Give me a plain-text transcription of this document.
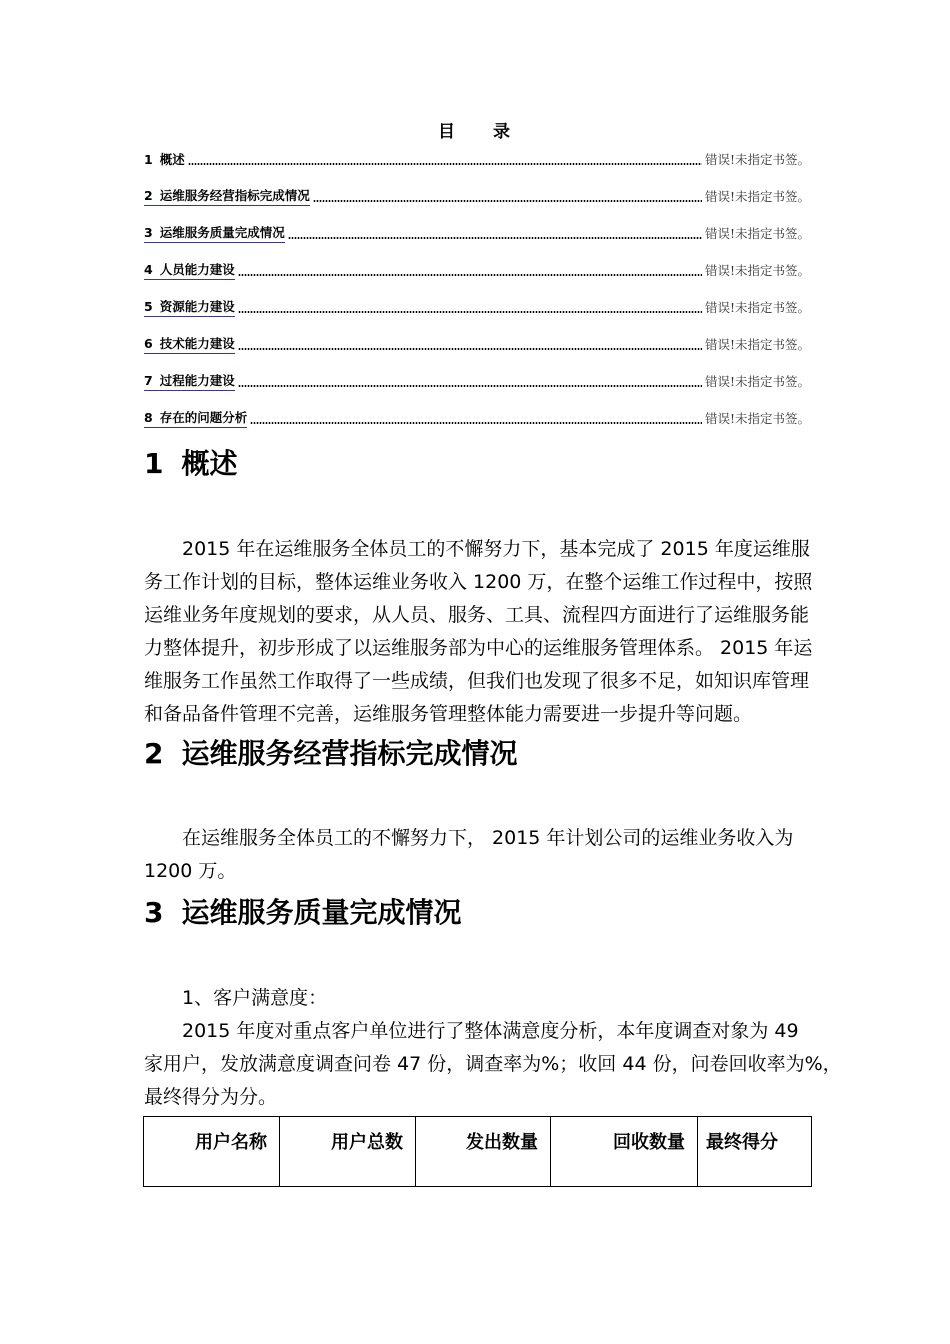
目 录
1 概述	错误!未指定书签。
2 运维服务经营指标完成情况	错误!未指定书签。
3 运维服务质量完成情况	错误!未指定书签。
4 人员能力建设	错误!未指定书签。
5 资源能力建设	错误!未指定书签。
6 技术能力建设	错误!未指定书签。
7 过程能力建设	错误!未指定书签。
8 存在的问题分析	错误!未指定书签。
1 概述
2015 年在运维服务全体员工的不懈努力下，基本完成了 2015 年度运维服
务工作计划的目标，整体运维业务收入 1200 万，在整个运维工作过程中，按照
运维业务年度规划的要求，从人员、服务、工具、流程四方面进行了运维服务能
力整体提升，初步形成了以运维服务部为中心的运维服务管理体系。 2015 年运
维服务工作虽然工作取得了一些成绩，但我们也发现了很多不足，如知识库管理
和备品备件管理不完善，运维服务管理整体能力需要进一步提升等问题。
2 运维服务经营指标完成情况
在运维服务全体员工的不懈努力下， 2015 年计划公司的运维业务收入为
1200 万。
3 运维服务质量完成情况
1、客户满意度：
2015 年度对重点客户单位进行了整体满意度分析，本年度调查对象为 49
家用户，发放满意度调查问卷 47 份，调查率为%；收回 44 份，问卷回收率为%，
最终得分为分。
用户名称	用户总数	发出数量	回收数量	最终得分
